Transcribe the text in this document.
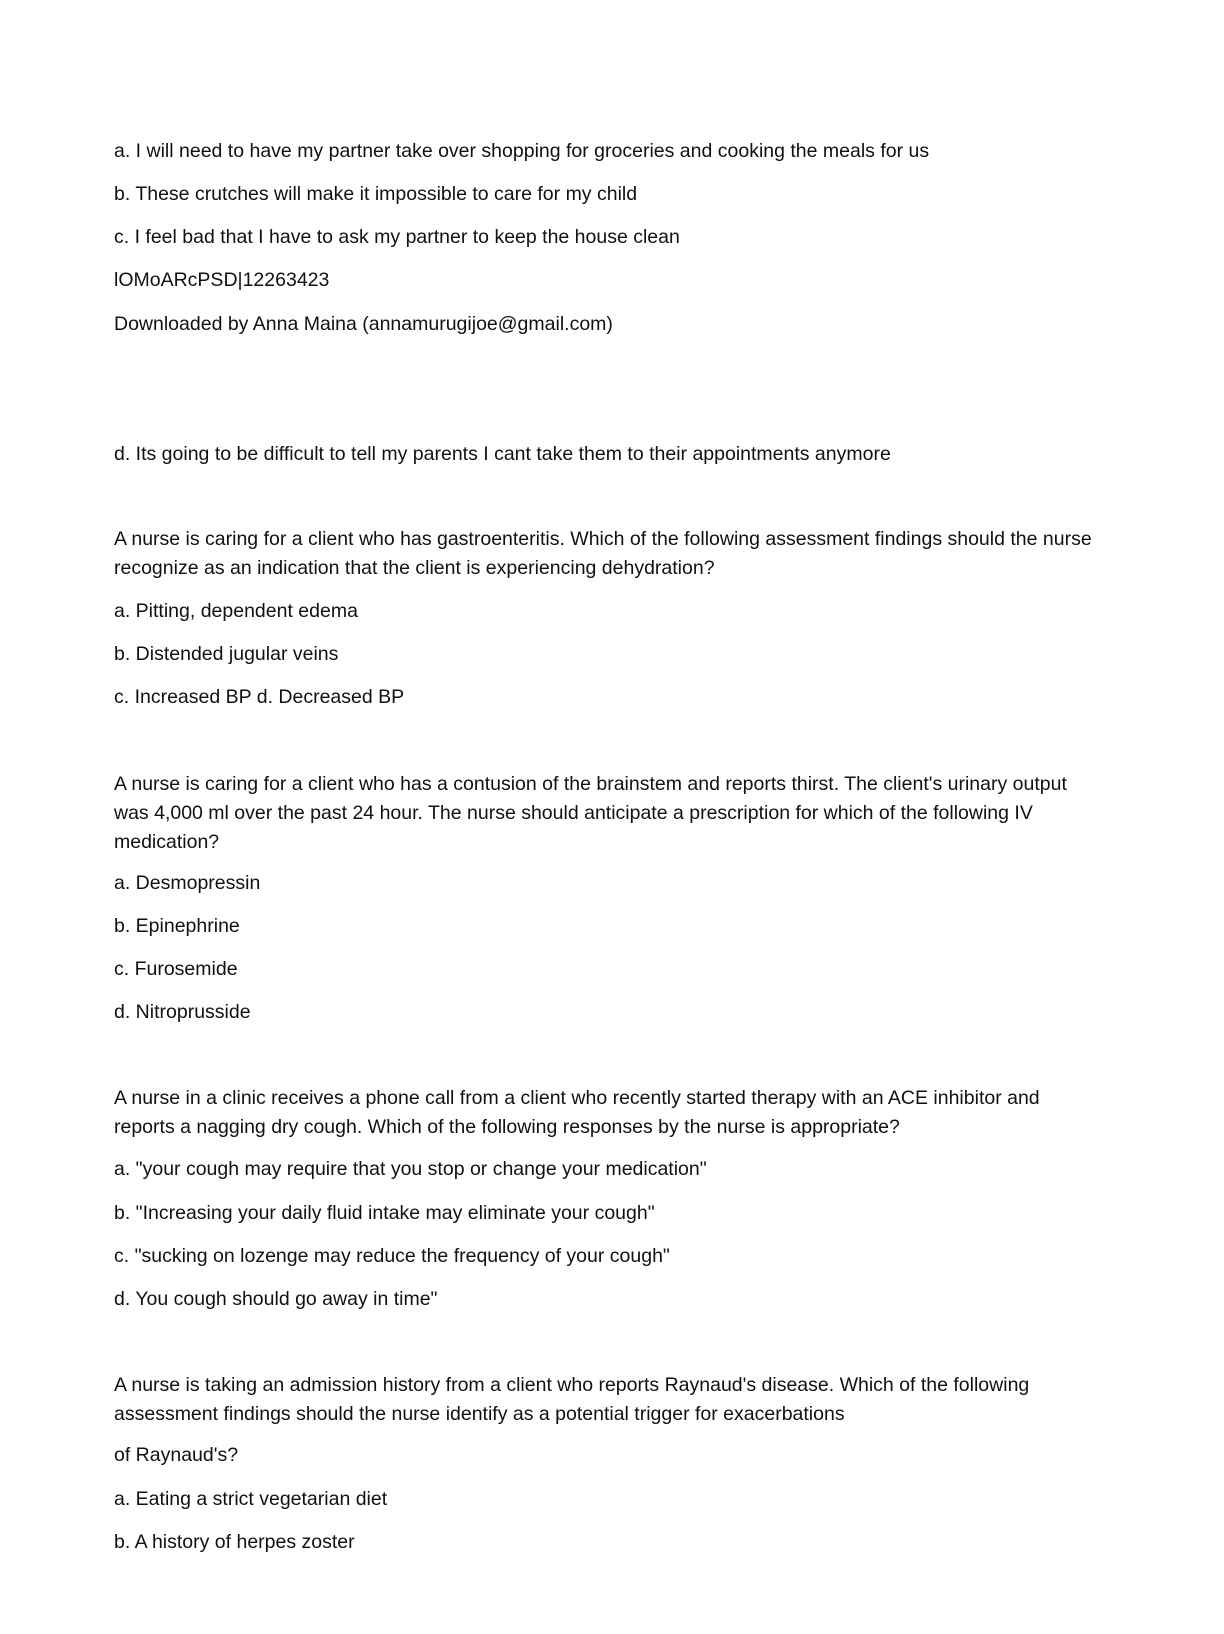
a. I will need to have my partner take over shopping for groceries and cooking the meals for us
b. These crutches will make it impossible to care for my child
c. I feel bad that I have to ask my partner to keep the house clean
lOMoARcPSD|12263423
Downloaded by Anna Maina (annamurugijoe@gmail.com)
d. Its going to be difficult to tell my parents I cant take them to their appointments anymore
A nurse is caring for a client who has gastroenteritis. Which of the following assessment findings should the nurse
recognize as an indication that the client is experiencing dehydration?
a. Pitting, dependent edema
b. Distended jugular veins
c. Increased BP d. Decreased BP
A nurse is caring for a client who has a contusion of the brainstem and reports thirst. The client's urinary output
was 4,000 ml over the past 24 hour. The nurse should anticipate a prescription for which of the following IV
medication?
a. Desmopressin
b. Epinephrine
c. Furosemide
d. Nitroprusside
A nurse in a clinic receives a phone call from a client who recently started therapy with an ACE inhibitor and
reports a nagging dry cough. Which of the following responses by the nurse is appropriate?
a. "your cough may require that you stop or change your medication"
b. "Increasing your daily fluid intake may eliminate your cough"
c. "sucking on lozenge may reduce the frequency of your cough"
d. You cough should go away in time"
A nurse is taking an admission history from a client who reports Raynaud's disease. Which of the following
assessment findings should the nurse identify as a potential trigger for exacerbations
of Raynaud's?
a. Eating a strict vegetarian diet
b. A history of herpes zoster
